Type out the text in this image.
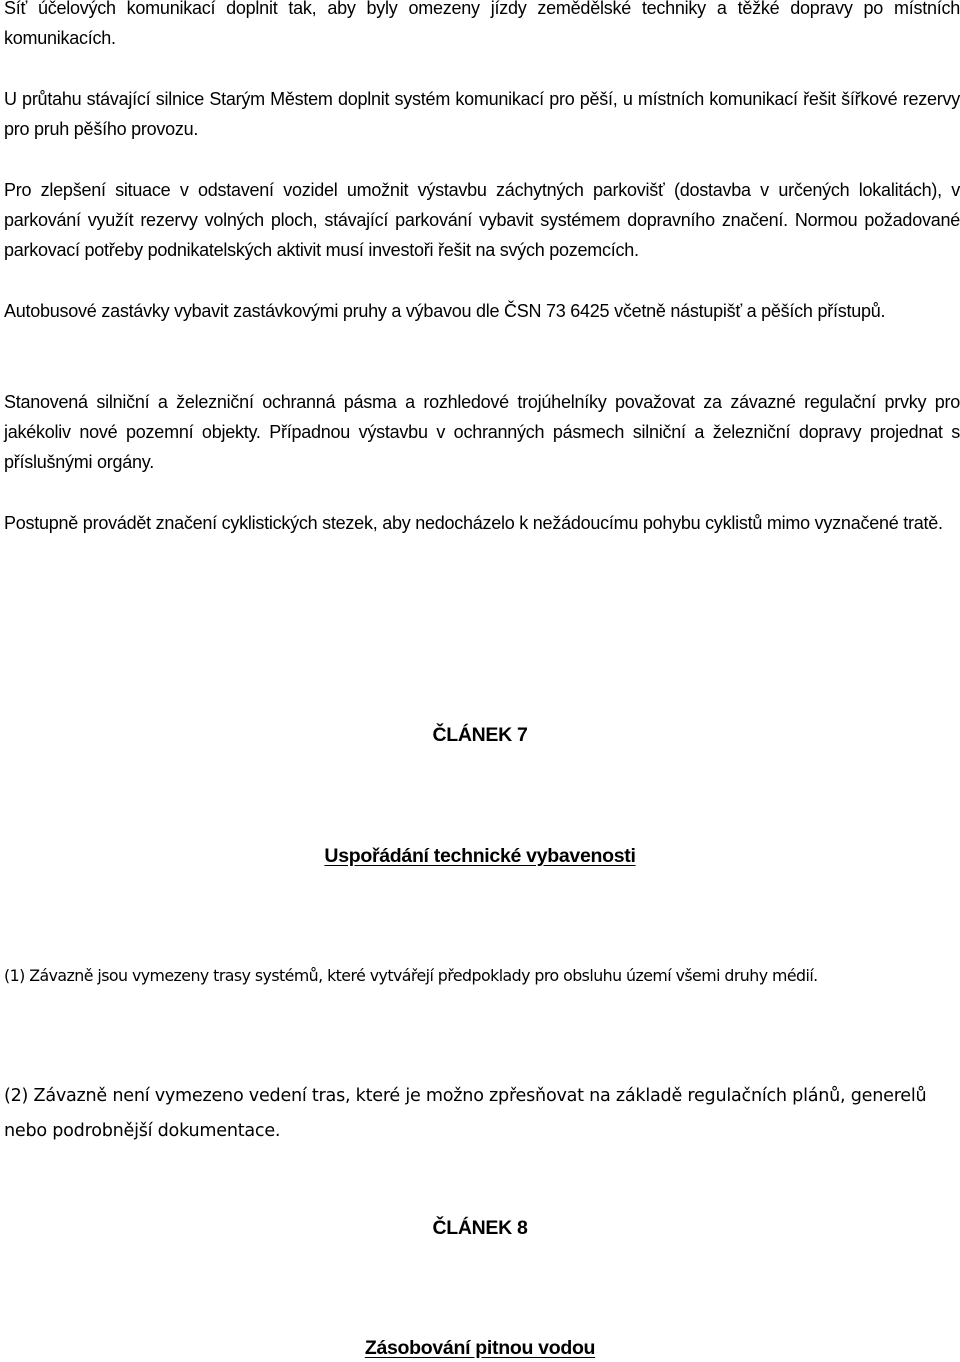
Síť účelových komunikací doplnit tak, aby byly omezeny jízdy zemědělské techniky a těžké dopravy po místních komunikacích.

U průtahu stávající silnice Starým Městem doplnit systém komunikací pro pěší, u místních komunikací řešit šířkové rezervy pro pruh pěšího provozu.

Pro zlepšení situace v odstavení vozidel umožnit výstavbu záchytných parkovišť (dostavba v určených lokalitách), v parkování využít rezervy volných ploch, stávající parkování vybavit systémem dopravního značení. Normou požadované parkovací potřeby podnikatelských aktivit musí investoři řešit na svých pozemcích.

Autobusové zastávky vybavit zastávkovými pruhy a výbavou dle ČSN 73 6425 včetně nástupišť a pěších přístupů.

Stanovená silniční a železniční ochranná pásma a rozhledové trojúhelníky považovat za závazné regulační prvky pro jakékoliv nové pozemní objekty. Případnou výstavbu v ochranných pásmech silniční a železniční dopravy projednat s příslušnými orgány.

Postupně provádět značení cyklistických stezek, aby nedocházelo k nežádoucímu pohybu cyklistů mimo vyznačené tratě.

ČLÁNEK 7
Uspořádání technické vybavenosti

(1) Závazně jsou vymezeny trasy systémů, které vytvářejí předpoklady pro obsluhu území všemi druhy médií.

(2) Závazně není vymezeno vedení tras, které je možno zpřesňovat na základě regulačních plánů, generelů nebo podrobnější dokumentace.

ČLÁNEK 8
Zásobování pitnou vodou
